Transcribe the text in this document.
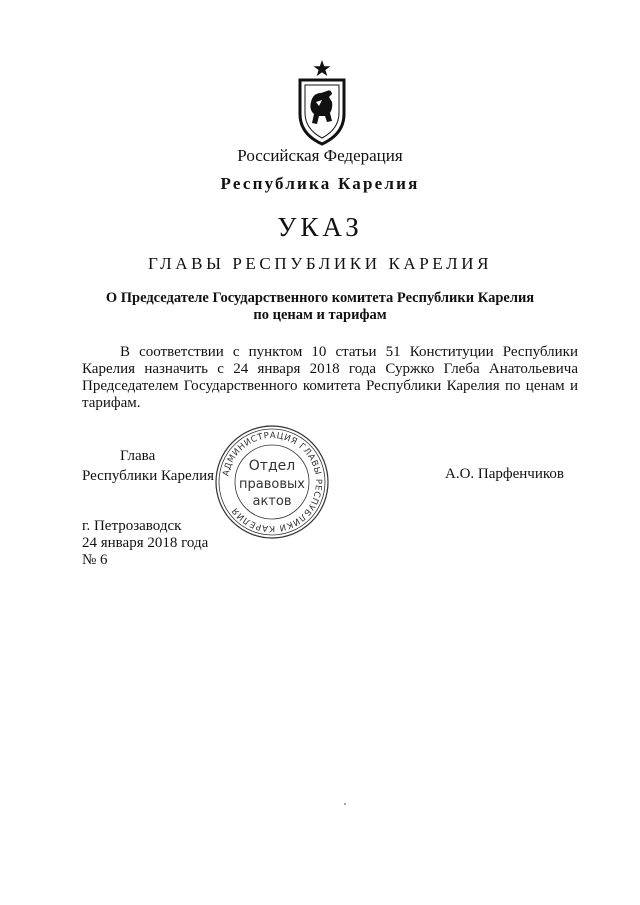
Российская Федерация
Республика Карелия
УКАЗ
ГЛАВЫ РЕСПУБЛИКИ КАРЕЛИЯ
О Председателе Государственного комитета Республики Карелия
по ценам и тарифам
В соответствии с пунктом 10 статьи 51 Конституции Республики
Карелия назначить с 24 января 2018 года Суржко Глеба Анатольевича
Председателем Государственного комитета Республики Карелия по ценам и
тарифам.
Глава
Республики Карелия	А.О. Парфенчиков
АДМИНИСТРАЦИЯ ГЛАВЫ РЕСПУБЛИКИ КАРЕЛИЯ
Отдел
правовых
актов
г. Петрозаводск
24 января 2018 года
№ 6
